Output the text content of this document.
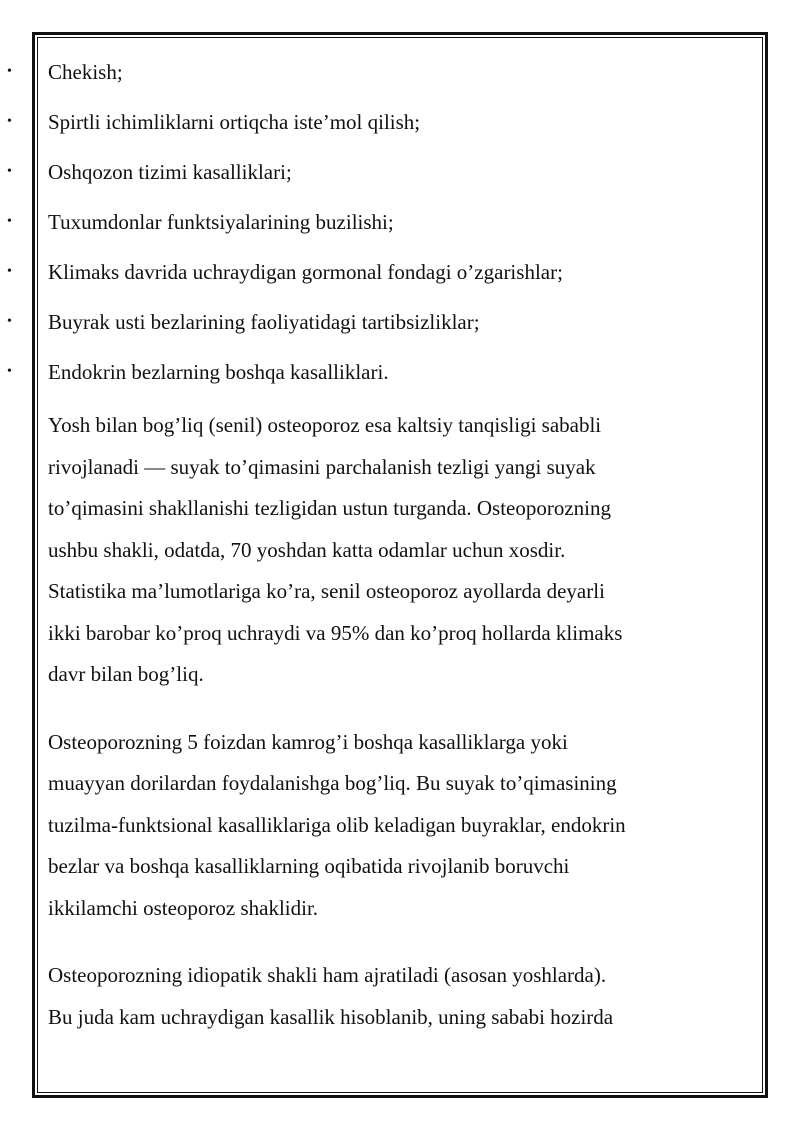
• Chekish;
• Spirtli ichimliklarni ortiqcha iste’mol qilish;
• Oshqozon tizimi kasalliklari;
• Tuxumdonlar funktsiyalarining buzilishi;
• Klimaks davrida uchraydigan gormonal fondagi o’zgarishlar;
• Buyrak usti bezlarining faoliyatidagi tartibsizliklar;
• Endokrin bezlarning boshqa kasalliklari.

Yosh bilan bog’liq (senil) osteoporoz esa kaltsiy tanqisligi sababli
rivojlanadi — suyak to’qimasini parchalanish tezligi yangi suyak
to’qimasini shakllanishi tezligidan ustun turganda. Osteoporozning
ushbu shakli, odatda, 70 yoshdan katta odamlar uchun xosdir.
Statistika ma’lumotlariga ko’ra, senil osteoporoz ayollarda deyarli
ikki barobar ko’proq uchraydi va 95% dan ko’proq hollarda klimaks
davr bilan bog’liq.

Osteoporozning 5 foizdan kamrog’i boshqa kasalliklarga yoki
muayyan dorilardan foydalanishga bog’liq. Bu suyak to’qimasining
tuzilma-funktsional kasalliklariga olib keladigan buyraklar, endokrin
bezlar va boshqa kasalliklarning oqibatida rivojlanib boruvchi
ikkilamchi osteoporoz shaklidir.

Osteoporozning idiopatik shakli ham ajratiladi (asosan yoshlarda).
Bu juda kam uchraydigan kasallik hisoblanib, uning sababi hozirda
